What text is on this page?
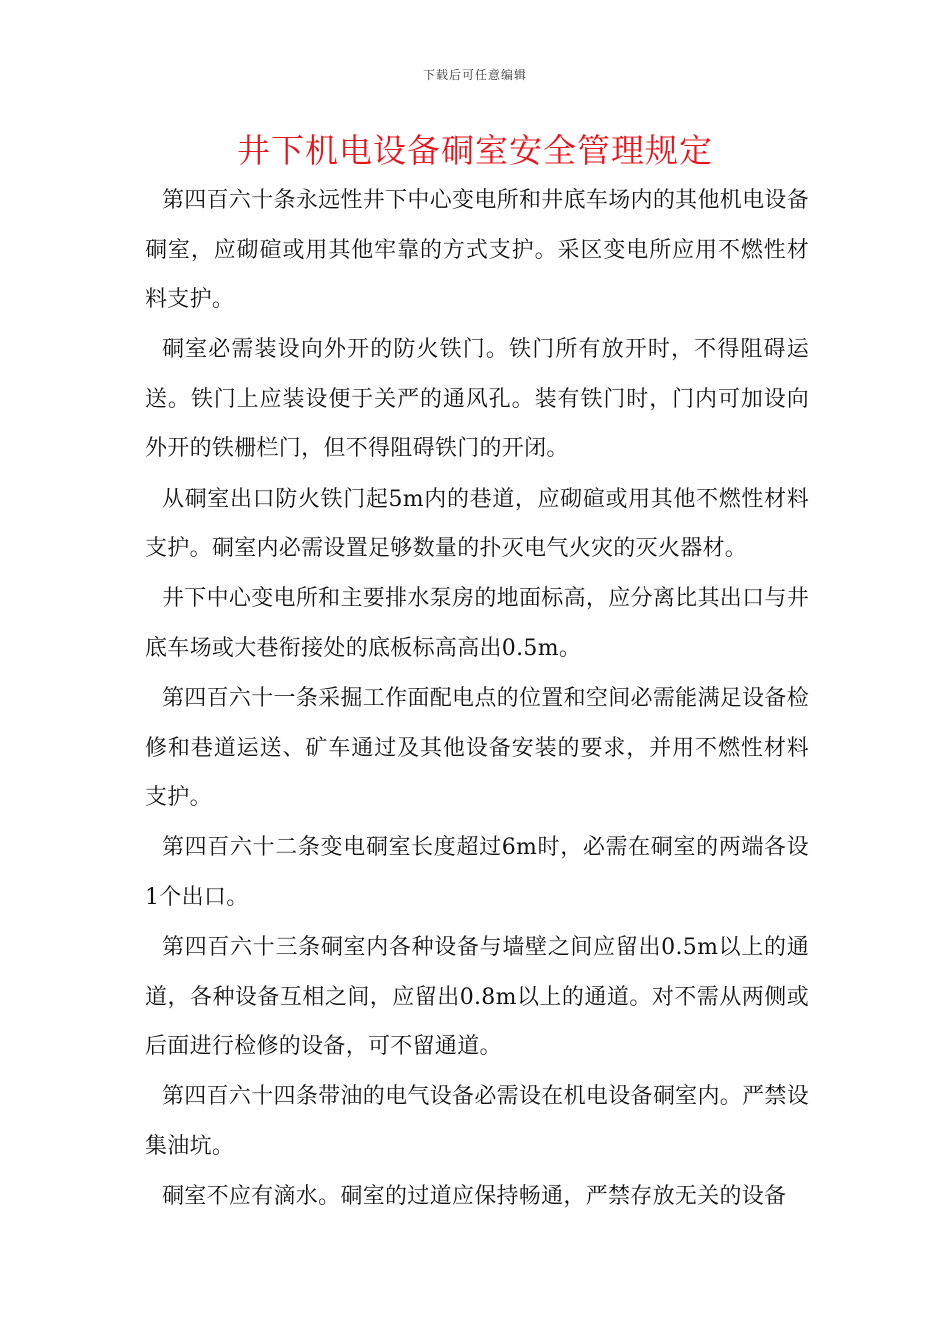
下载后可任意编辑
井下机电设备硐室安全管理规定

第四百六十条永远性井下中心变电所和井底车场内的其他机电设备硐室，应砌碹或用其他牢靠的方式支护。采区变电所应用不燃性材料支护。

硐室必需装设向外开的防火铁门。铁门所有放开时，不得阻碍运送。铁门上应装设便于关严的通风孔。装有铁门时，门内可加设向外开的铁栅栏门，但不得阻碍铁门的开闭。

从硐室出口防火铁门起5m内的巷道，应砌碹或用其他不燃性材料支护。硐室内必需设置足够数量的扑灭电气火灾的灭火器材。

井下中心变电所和主要排水泵房的地面标高，应分离比其出口与井底车场或大巷衔接处的底板标高高出0.5m。

第四百六十一条采掘工作面配电点的位置和空间必需能满足设备检修和巷道运送、矿车通过及其他设备安装的要求，并用不燃性材料支护。

第四百六十二条变电硐室长度超过6m时，必需在硐室的两端各设1个出口。

第四百六十三条硐室内各种设备与墙壁之间应留出0.5m以上的通道，各种设备互相之间，应留出0.8m以上的通道。对不需从两侧或后面进行检修的设备，可不留通道。

第四百六十四条带油的电气设备必需设在机电设备硐室内。严禁设集油坑。

硐室不应有滴水。硐室的过道应保持畅通，严禁存放无关的设备
